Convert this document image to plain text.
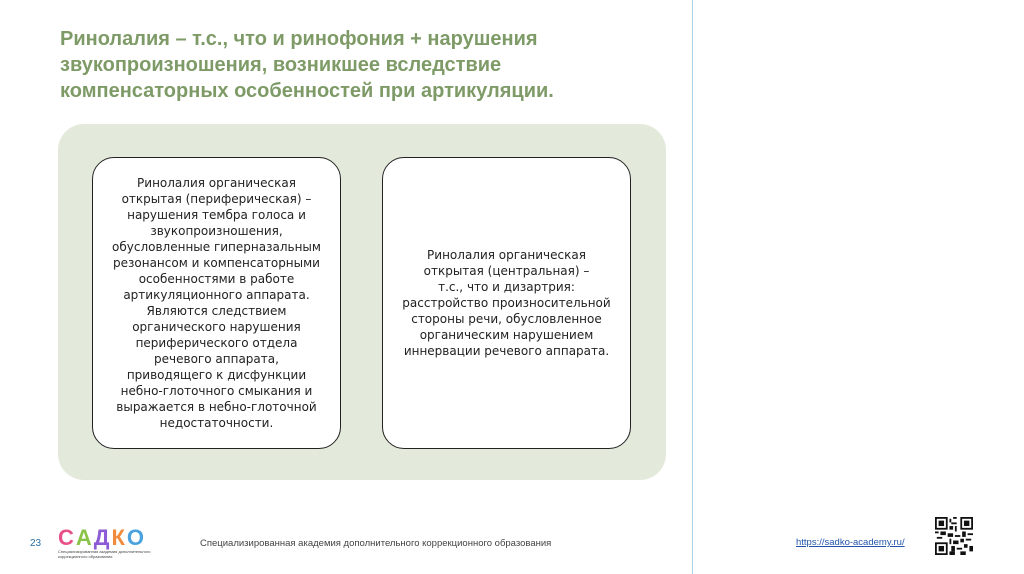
Ринолалия – т.с., что и ринофония + нарушения звукопроизношения, возникшее вследствие компенсаторных особенностей при артикуляции.
Ринолалия органическая
открытая (периферическая) –
нарушения тембра голоса и
звукопроизношения,
обусловленные гиперназальным
резонансом и компенсаторными
особенностями в работе
артикуляционного аппарата.
Являются следствием
органического нарушения
периферического отдела
речевого аппарата,
приводящего к дисфункции
небно-глоточного смыкания и
выражается в небно-глоточной
недостаточности.
Ринолалия органическая
открытая (центральная) –
т.с., что и дизартрия:
расстройство произносительной
стороны речи, обусловленное
органическим нарушением
иннервации речевого аппарата.
23 С А Д К О
Специализированная академия дополнительного коррекционного образования
Специализированная академия дополнительного коррекционного образования	https://sadko-academy.ru/
